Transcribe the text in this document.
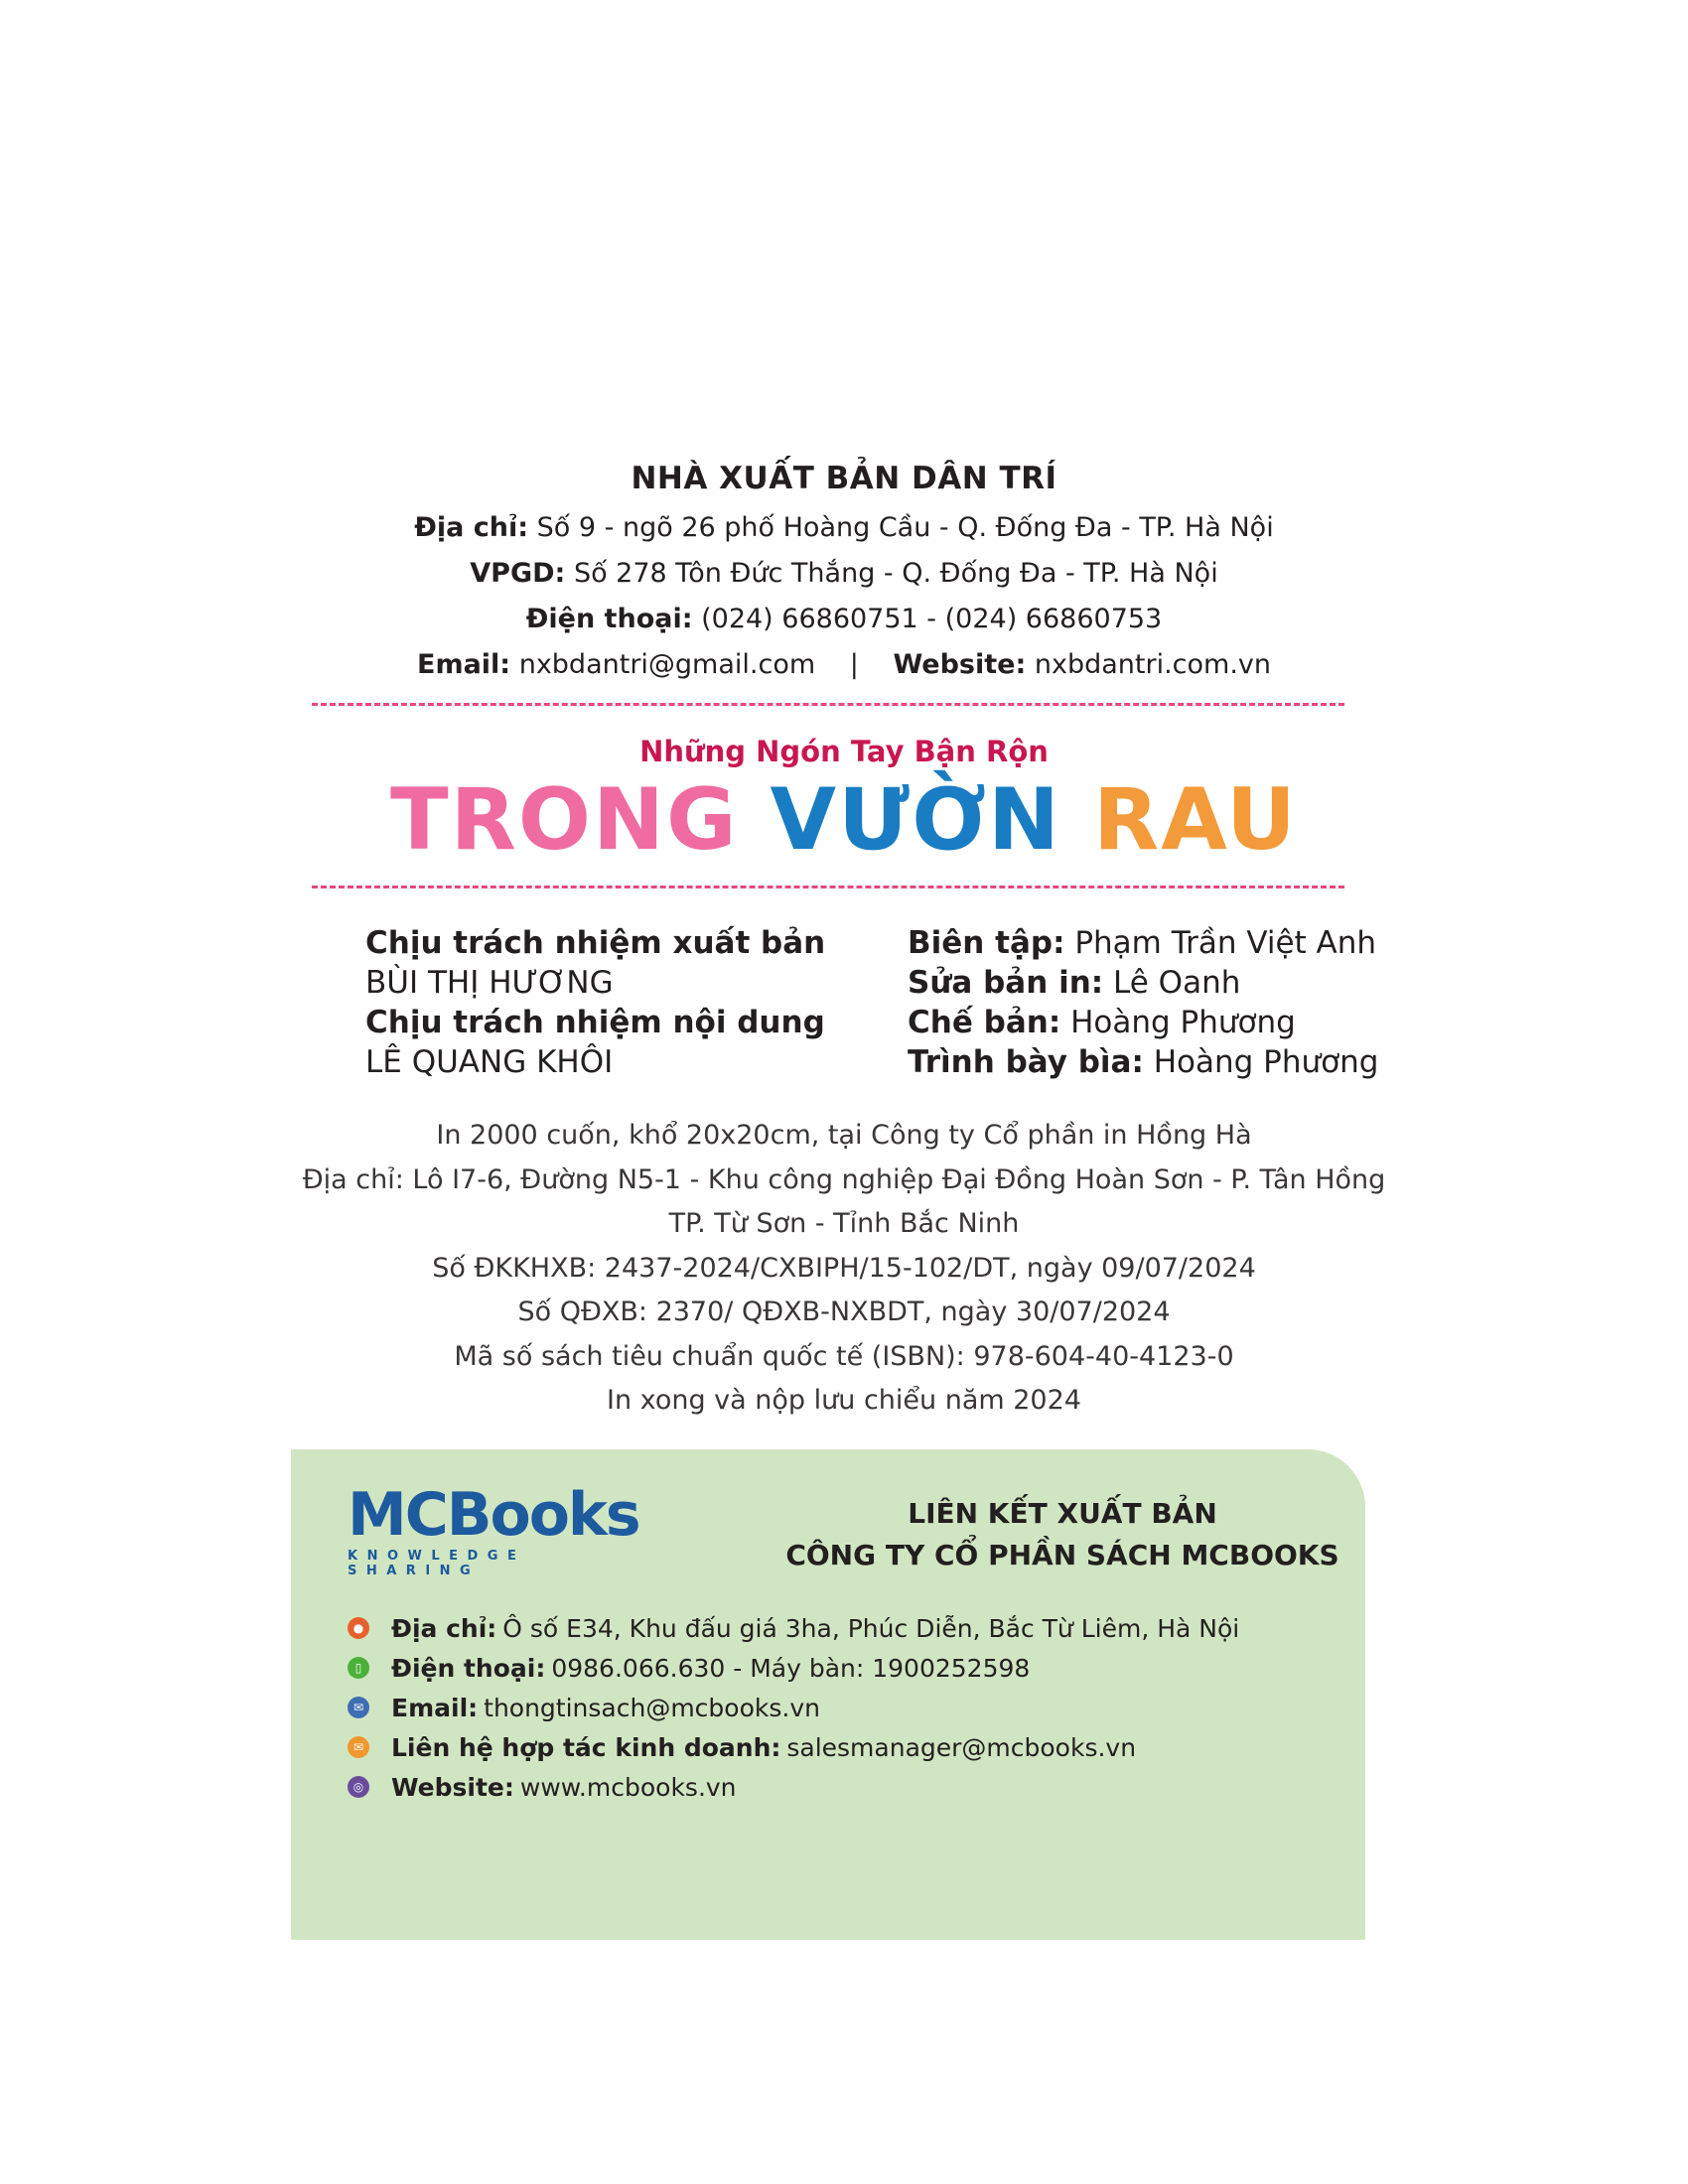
NHÀ XUẤT BẢN DÂN TRÍ
Địa chỉ: Số 9 - ngõ 26 phố Hoàng Cầu - Q. Đống Đa - TP. Hà Nội
VPGD: Số 278 Tôn Đức Thắng - Q. Đống Đa - TP. Hà Nội
Điện thoại: (024) 66860751 - (024) 66860753
Email: nxbdantri@gmail.com | Website: nxbdantri.com.vn
Những Ngón Tay Bận Rộn
TRONG VƯỜN RAU
Chịu trách nhiệm xuất bản
BÙI THỊ HƯƠNG
Chịu trách nhiệm nội dung
LÊ QUANG KHÔI
Biên tập: Phạm Trần Việt Anh
Sửa bản in: Lê Oanh
Chế bản: Hoàng Phương
Trình bày bìa: Hoàng Phương
In 2000 cuốn, khổ 20x20cm, tại Công ty Cổ phần in Hồng Hà
Địa chỉ: Lô I7-6, Đường N5-1 - Khu công nghiệp Đại Đồng Hoàn Sơn - P. Tân Hồng
TP. Từ Sơn - Tỉnh Bắc Ninh
Số ĐKKHXB: 2437-2024/CXBIPH/15-102/DT, ngày 09/07/2024
Số QĐXB: 2370/ QĐXB-NXBDT, ngày 30/07/2024
Mã số sách tiêu chuẩn quốc tế (ISBN): 978-604-40-4123-0
In xong và nộp lưu chiểu năm 2024
MCBooks
KNOWLEDGE SHARING
LIÊN KẾT XUẤT BẢN
CÔNG TY CỔ PHẦN SÁCH MCBOOKS
● Địa chỉ: Ô số E34, Khu đấu giá 3ha, Phúc Diễn, Bắc Từ Liêm, Hà Nội
▯	Điện thoại: 0986.066.630 - Máy bàn: 1900252598
✉ Email: thongtinsach@mcbooks.vn
✉ Liên hệ hợp tác kinh doanh: salesmanager@mcbooks.vn
◎ Website: www.mcbooks.vn
